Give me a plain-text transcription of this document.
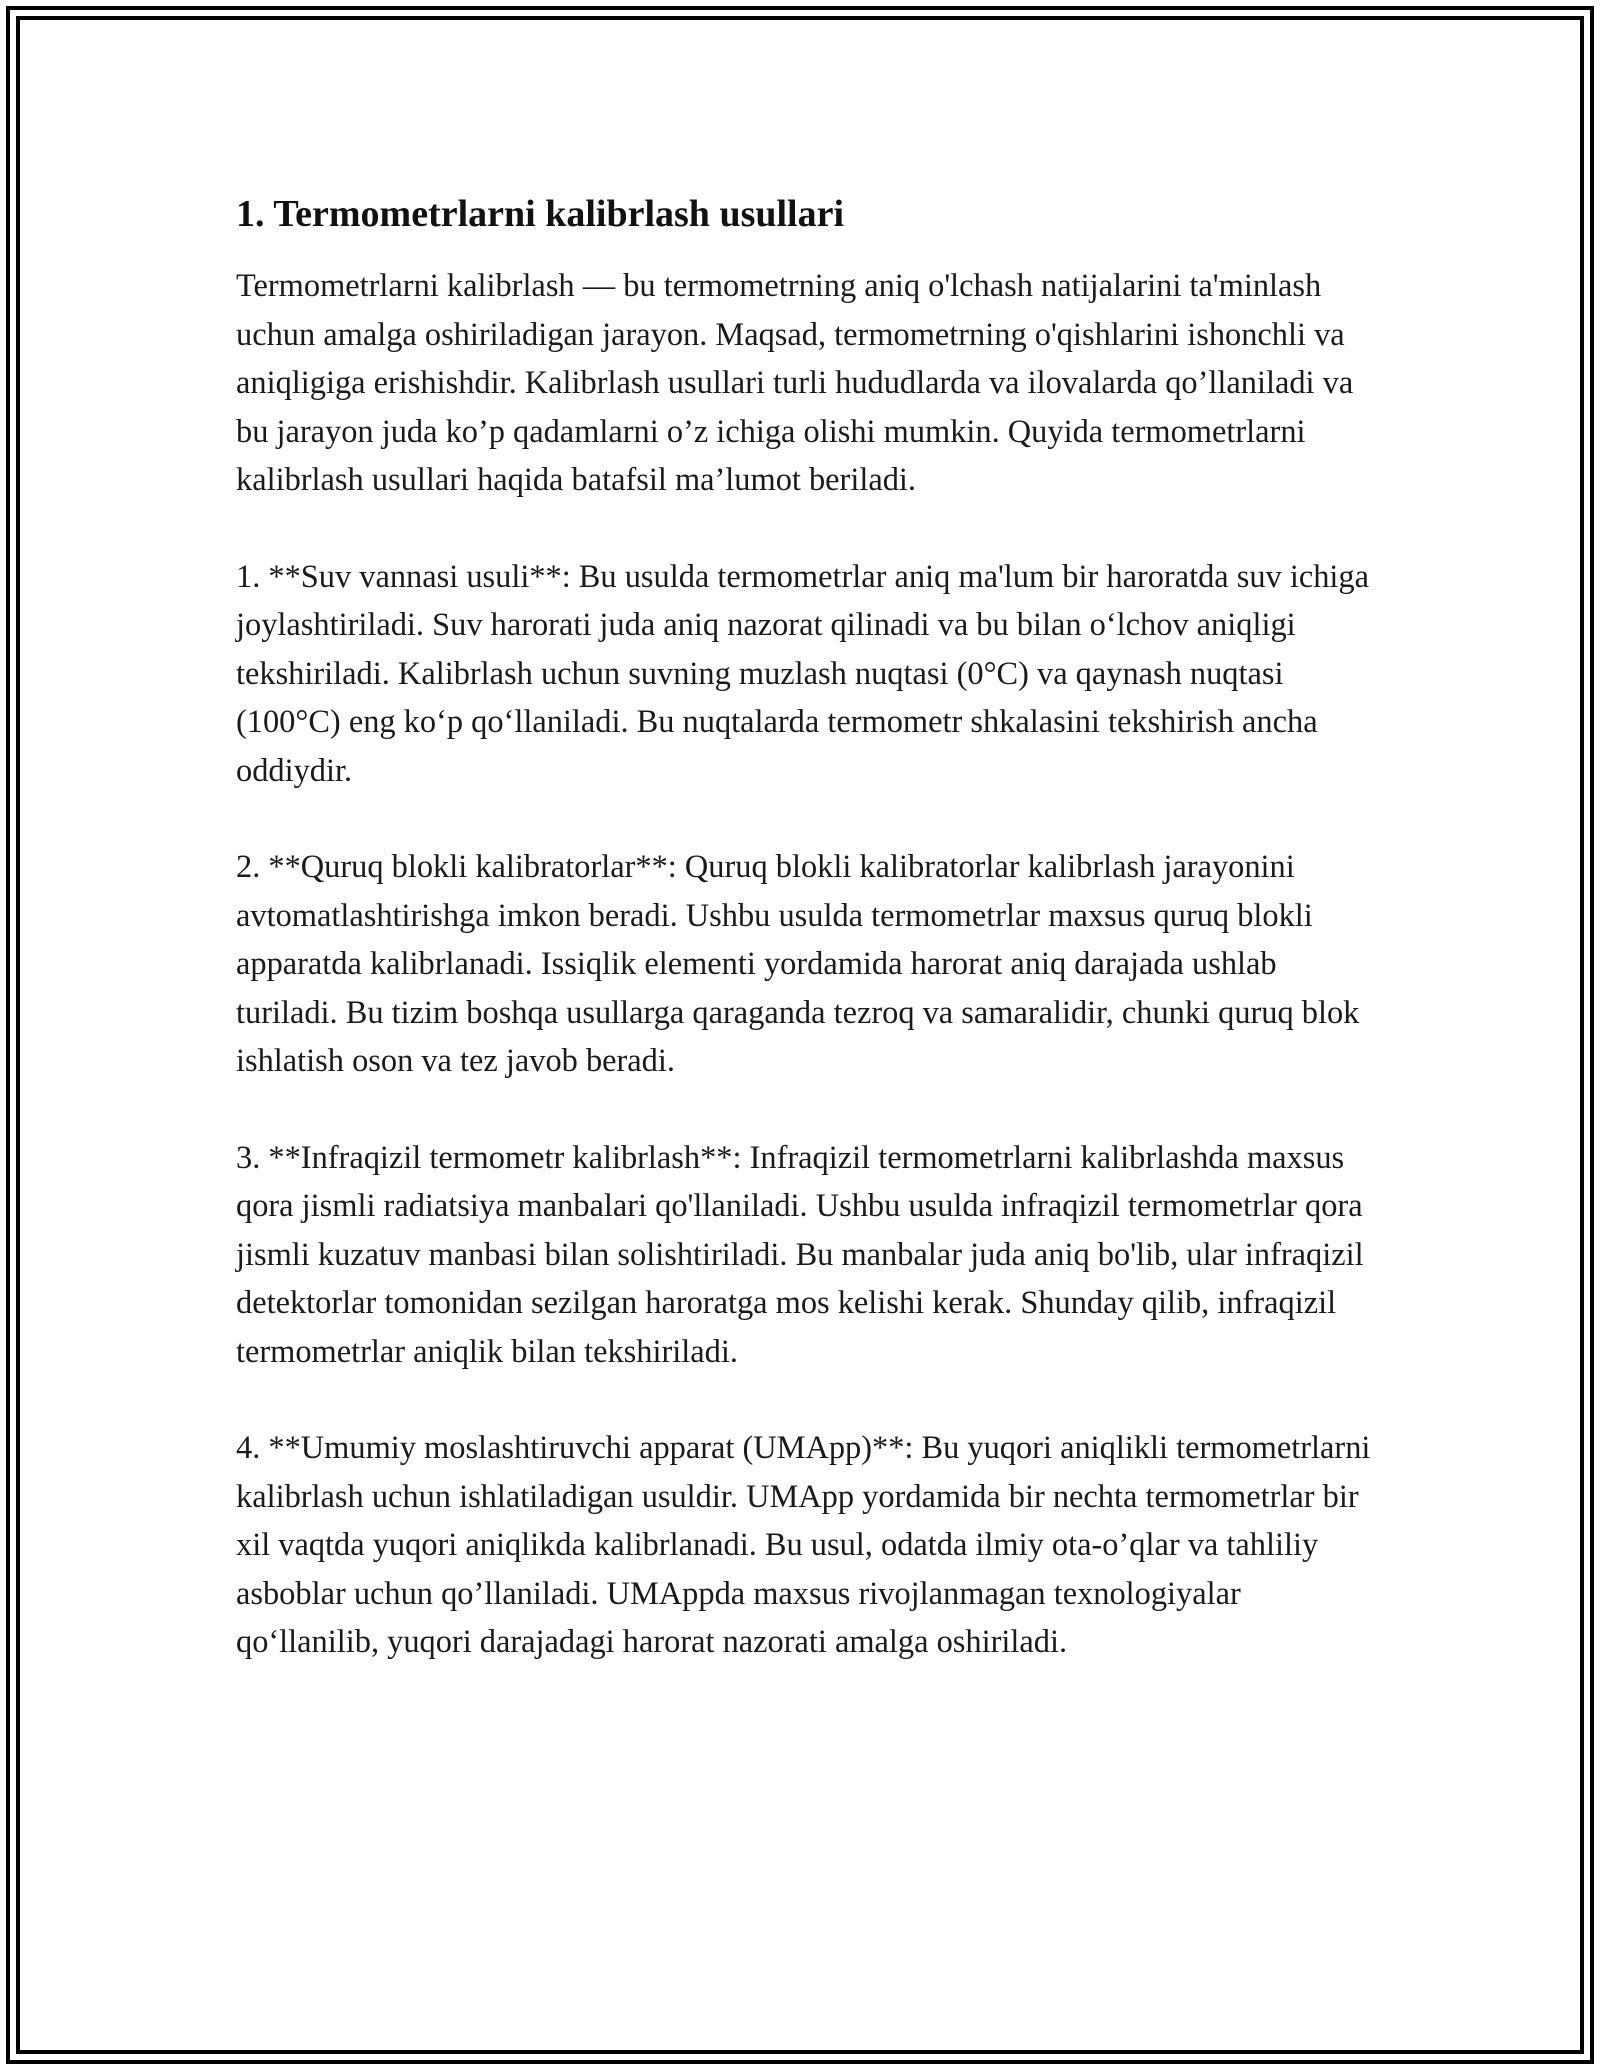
1. Termometrlarni kalibrlash usullari

Termometrlarni kalibrlash — bu termometrning aniq o'lchash natijalarini ta'minlash uchun amalga oshiriladigan jarayon. Maqsad, termometrning o'qishlarini ishonchli va aniqligiga erishishdir. Kalibrlash usullari turli hududlarda va ilovalarda qo’llaniladi va bu jarayon juda ko’p qadamlarni o’z ichiga olishi mumkin. Quyida termometrlarni kalibrlash usullari haqida batafsil ma’lumot beriladi.

1. **Suv vannasi usuli**: Bu usulda termometrlar aniq ma'lum bir haroratda suv ichiga joylashtiriladi. Suv harorati juda aniq nazorat qilinadi va bu bilan o‘lchov aniqligi tekshiriladi. Kalibrlash uchun suvning muzlash nuqtasi (0°C) va qaynash nuqtasi (100°C) eng ko‘p qo‘llaniladi. Bu nuqtalarda termometr shkalasini tekshirish ancha oddiydir.

2. **Quruq blokli kalibratorlar**: Quruq blokli kalibratorlar kalibrlash jarayonini avtomatlashtirishga imkon beradi. Ushbu usulda termometrlar maxsus quruq blokli apparatda kalibrlanadi. Issiqlik elementi yordamida harorat aniq darajada ushlab turiladi. Bu tizim boshqa usullarga qaraganda tezroq va samaralidir, chunki quruq blok ishlatish oson va tez javob beradi.

3. **Infraqizil termometr kalibrlash**: Infraqizil termometrlarni kalibrlashda maxsus qora jismli radiatsiya manbalari qo'llaniladi. Ushbu usulda infraqizil termometrlar qora jismli kuzatuv manbasi bilan solishtiriladi. Bu manbalar juda aniq bo'lib, ular infraqizil detektorlar tomonidan sezilgan haroratga mos kelishi kerak. Shunday qilib, infraqizil termometrlar aniqlik bilan tekshiriladi.

4. **Umumiy moslashtiruvchi apparat (UMApp)**: Bu yuqori aniqlikli termometrlarni kalibrlash uchun ishlatiladigan usuldir. UMApp yordamida bir nechta termometrlar bir xil vaqtda yuqori aniqlikda kalibrlanadi. Bu usul, odatda ilmiy ota-o’qlar va tahliliy asboblar uchun qo’llaniladi. UMAppda maxsus rivojlanmagan texnologiyalar qo‘llanilib, yuqori darajadagi harorat nazorati amalga oshiriladi.
